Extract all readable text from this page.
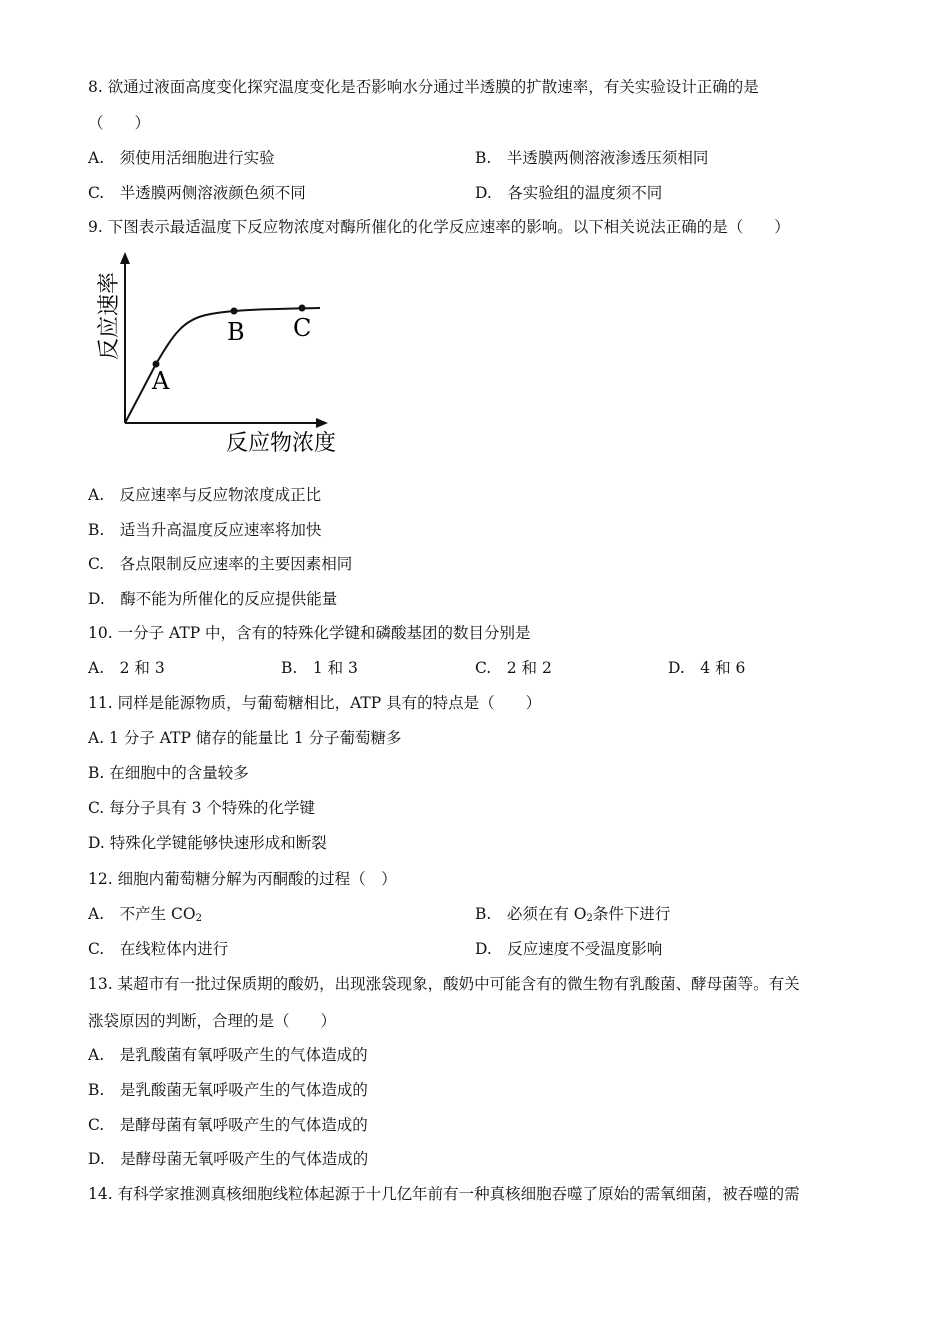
8. 欲通过液面高度变化探究温度变化是否影响水分通过半透膜的扩散速率，有关实验设计正确的是
（　　）
A.　须使用活细胞进行实验	B.　半透膜两侧溶液渗透压须相同
C.　半透膜两侧溶液颜色须不同	D.　各实验组的温度须不同
9. 下图表示最适温度下反应物浓度对酶所催化的化学反应速率的影响。以下相关说法正确的是（　　）
A
B C
反应物浓度
反应速率
A.　反应速率与反应物浓度成正比
B.　适当升高温度反应速率将加快
C.　各点限制反应速率的主要因素相同
D.　酶不能为所催化的反应提供能量
10. 一分子 ATP 中，含有的特殊化学键和磷酸基团的数目分别是
A.　2 和 3	B.　1 和 3	C.　2 和 2	D.　4 和 6
11. 同样是能源物质，与葡萄糖相比，ATP 具有的特点是（　　）
A. 1 分子 ATP 储存的能量比 1 分子葡萄糖多
B. 在细胞中的含量较多
C. 每分子具有 3 个特殊的化学键
D. 特殊化学键能够快速形成和断裂
12. 细胞内葡萄糖分解为丙酮酸的过程（　）
A.　不产生 $CO_2$	B.　必须在有 $O_2$条件下进行
C.　在线粒体内进行	D.　反应速度不受温度影响
13. 某超市有一批过保质期的酸奶，出现涨袋现象，酸奶中可能含有的微生物有乳酸菌、酵母菌等。有关
涨袋原因的判断，合理的是（　　）
A.　是乳酸菌有氧呼吸产生的气体造成的
B.　是乳酸菌无氧呼吸产生的气体造成的
C.　是酵母菌有氧呼吸产生的气体造成的
D.　是酵母菌无氧呼吸产生的气体造成的
14. 有科学家推测真核细胞线粒体起源于十几亿年前有一种真核细胞吞噬了原始的需氧细菌，被吞噬的需
